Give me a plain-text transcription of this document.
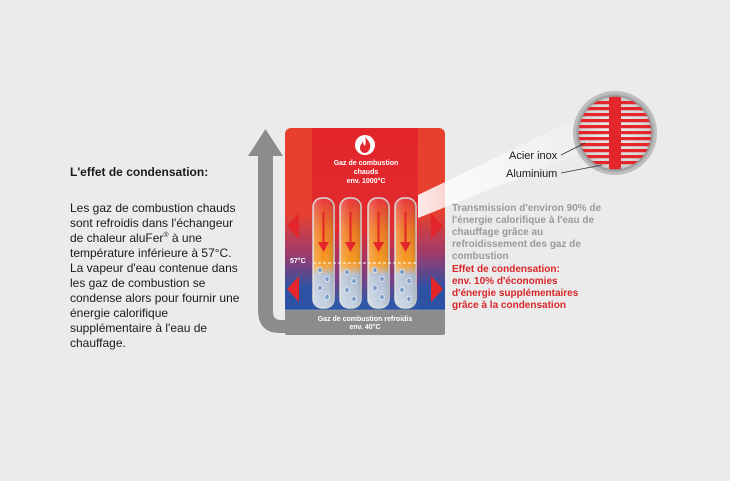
L'effet de condensation:

Les gaz de combustion chauds sont refroidis dans l'échangeur de chaleur aluFer® à une température inférieure à 57°C.

La vapeur d'eau contenue dans les gaz de combustion se condense alors pour fournir une énergie calorifique supplémentaire à l'eau de chauffage.

Gaz de combustion
chauds
env. 1000°C
57°C
Gaz de combustion refroidis
env. 40°C
Acier inox
Aluminium
Transmission d'environ 90% de l'énergie calorifique à l'eau de chauffage grâce au refroidissement des gaz de combustion
Effet de condensation:
env. 10% d'économies d'énergie supplémentaires grâce à la condensation
